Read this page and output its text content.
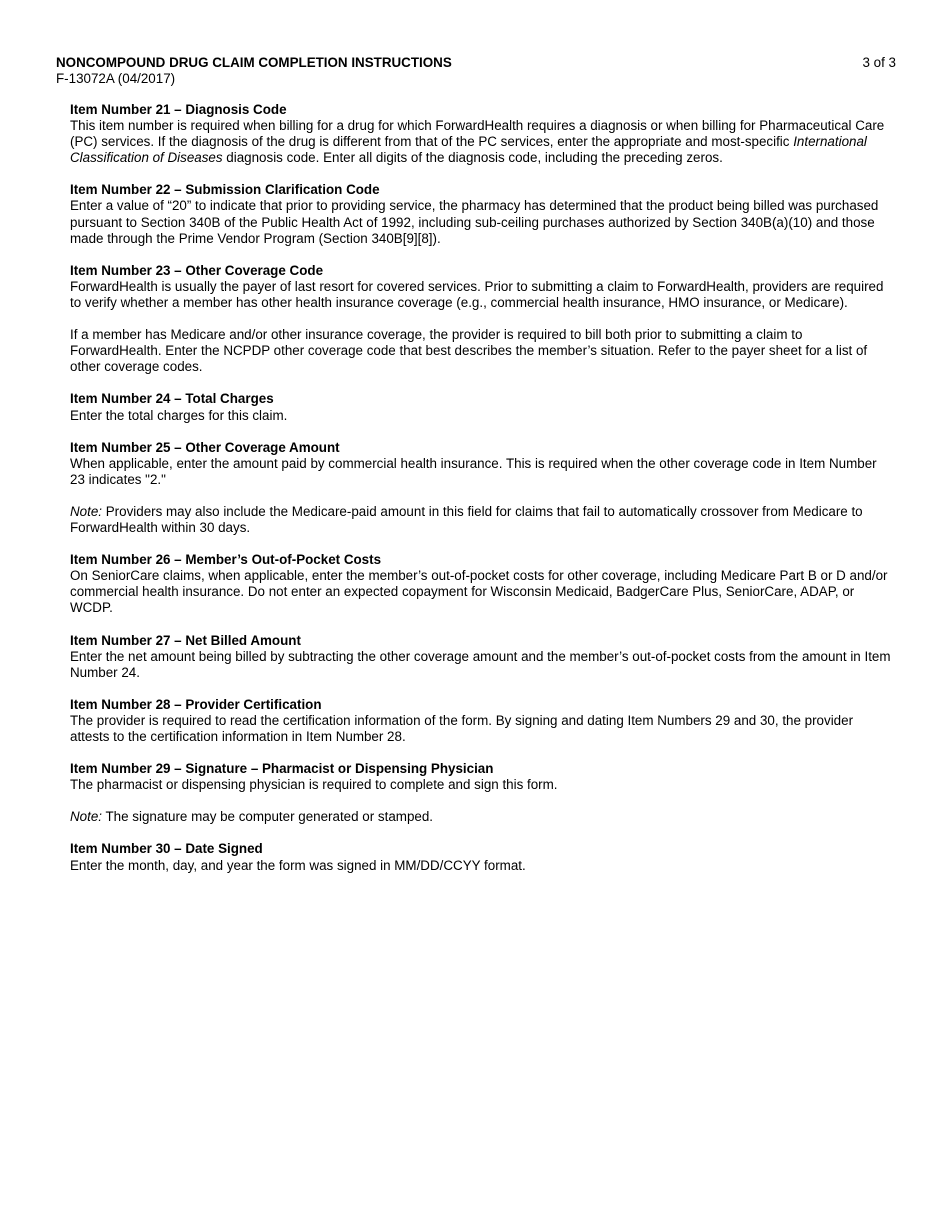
NONCOMPOUND DRUG CLAIM COMPLETION INSTRUCTIONS	3 of 3
F-13072A (04/2017)
Item Number 21 – Diagnosis Code

This item number is required when billing for a drug for which ForwardHealth requires a diagnosis or when billing for Pharmaceutical Care (PC) services. If the diagnosis of the drug is different from that of the PC services, enter the appropriate and most-specific International Classification of Diseases diagnosis code. Enter all digits of the diagnosis code, including the preceding zeros.

Item Number 22 – Submission Clarification Code

Enter a value of “20” to indicate that prior to providing service, the pharmacy has determined that the product being billed was purchased pursuant to Section 340B of the Public Health Act of 1992, including sub-ceiling purchases authorized by Section 340B(a)(10) and those made through the Prime Vendor Program (Section 340B[9][8]).

Item Number 23 – Other Coverage Code

ForwardHealth is usually the payer of last resort for covered services. Prior to submitting a claim to ForwardHealth, providers are required to verify whether a member has other health insurance coverage (e.g., commercial health insurance, HMO insurance, or Medicare).

If a member has Medicare and/or other insurance coverage, the provider is required to bill both prior to submitting a claim to ForwardHealth. Enter the NCPDP other coverage code that best describes the member’s situation. Refer to the payer sheet for a list of other coverage codes.

Item Number 24 – Total Charges

Enter the total charges for this claim.

Item Number 25 – Other Coverage Amount

When applicable, enter the amount paid by commercial health insurance. This is required when the other coverage code in Item Number 23 indicates "2."

Note: Providers may also include the Medicare-paid amount in this field for claims that fail to automatically crossover from Medicare to ForwardHealth within 30 days.

Item Number 26 – Member’s Out-of-Pocket Costs

On SeniorCare claims, when applicable, enter the member’s out-of-pocket costs for other coverage, including Medicare Part B or D and/or commercial health insurance. Do not enter an expected copayment for Wisconsin Medicaid, BadgerCare Plus, SeniorCare, ADAP, or WCDP.

Item Number 27 – Net Billed Amount

Enter the net amount being billed by subtracting the other coverage amount and the member’s out-of-pocket costs from the amount in Item Number 24.

Item Number 28 – Provider Certification

The provider is required to read the certification information of the form. By signing and dating Item Numbers 29 and 30, the provider attests to the certification information in Item Number 28.

Item Number 29 – Signature – Pharmacist or Dispensing Physician

The pharmacist or dispensing physician is required to complete and sign this form.

Note: The signature may be computer generated or stamped.

Item Number 30 – Date Signed

Enter the month, day, and year the form was signed in MM/DD/CCYY format.
